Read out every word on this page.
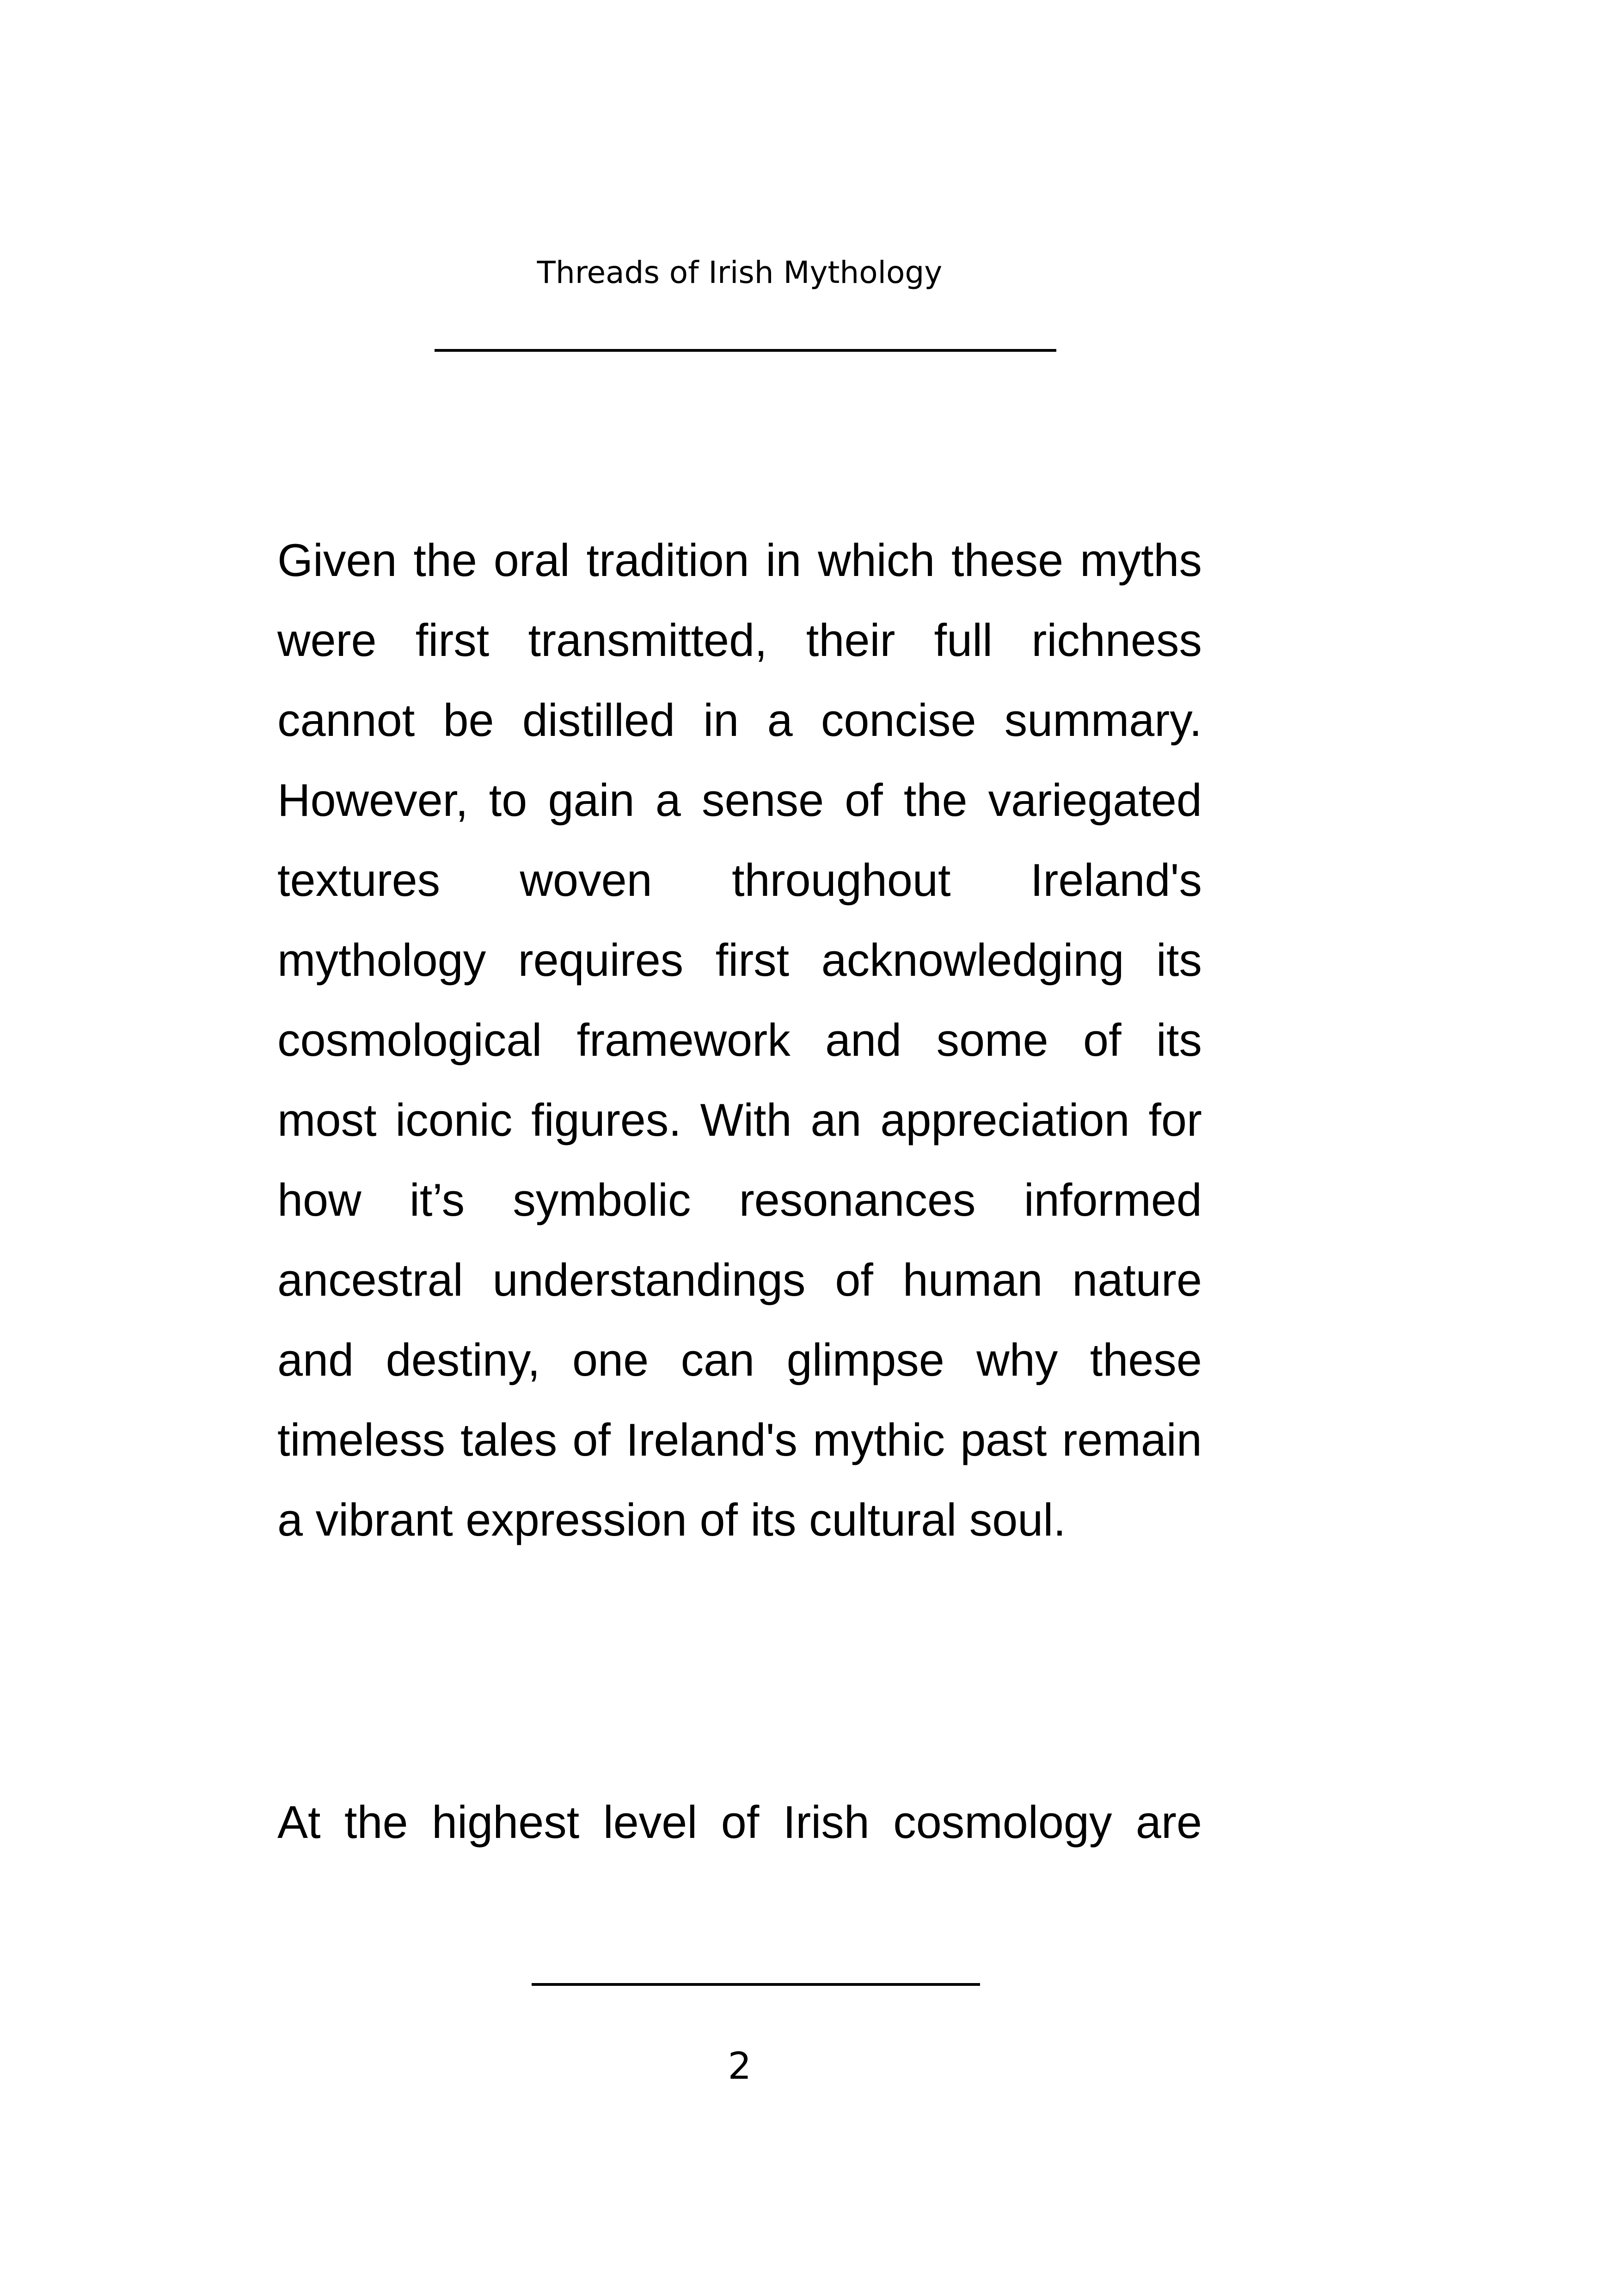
Threads of Irish Mythology

Given the oral tradition in which these myths were first transmitted, their full richness cannot be distilled in a concise summary. However, to gain a sense of the variegated textures woven throughout Ireland's mythology requires first acknowledging its cosmological framework and some of its most iconic figures. With an appreciation for how it’s symbolic resonances informed ancestral understandings of human nature and destiny, one can glimpse why these timeless tales of Ireland's mythic past remain a vibrant expression of its cultural soul.

At the highest level of Irish cosmology are

2
